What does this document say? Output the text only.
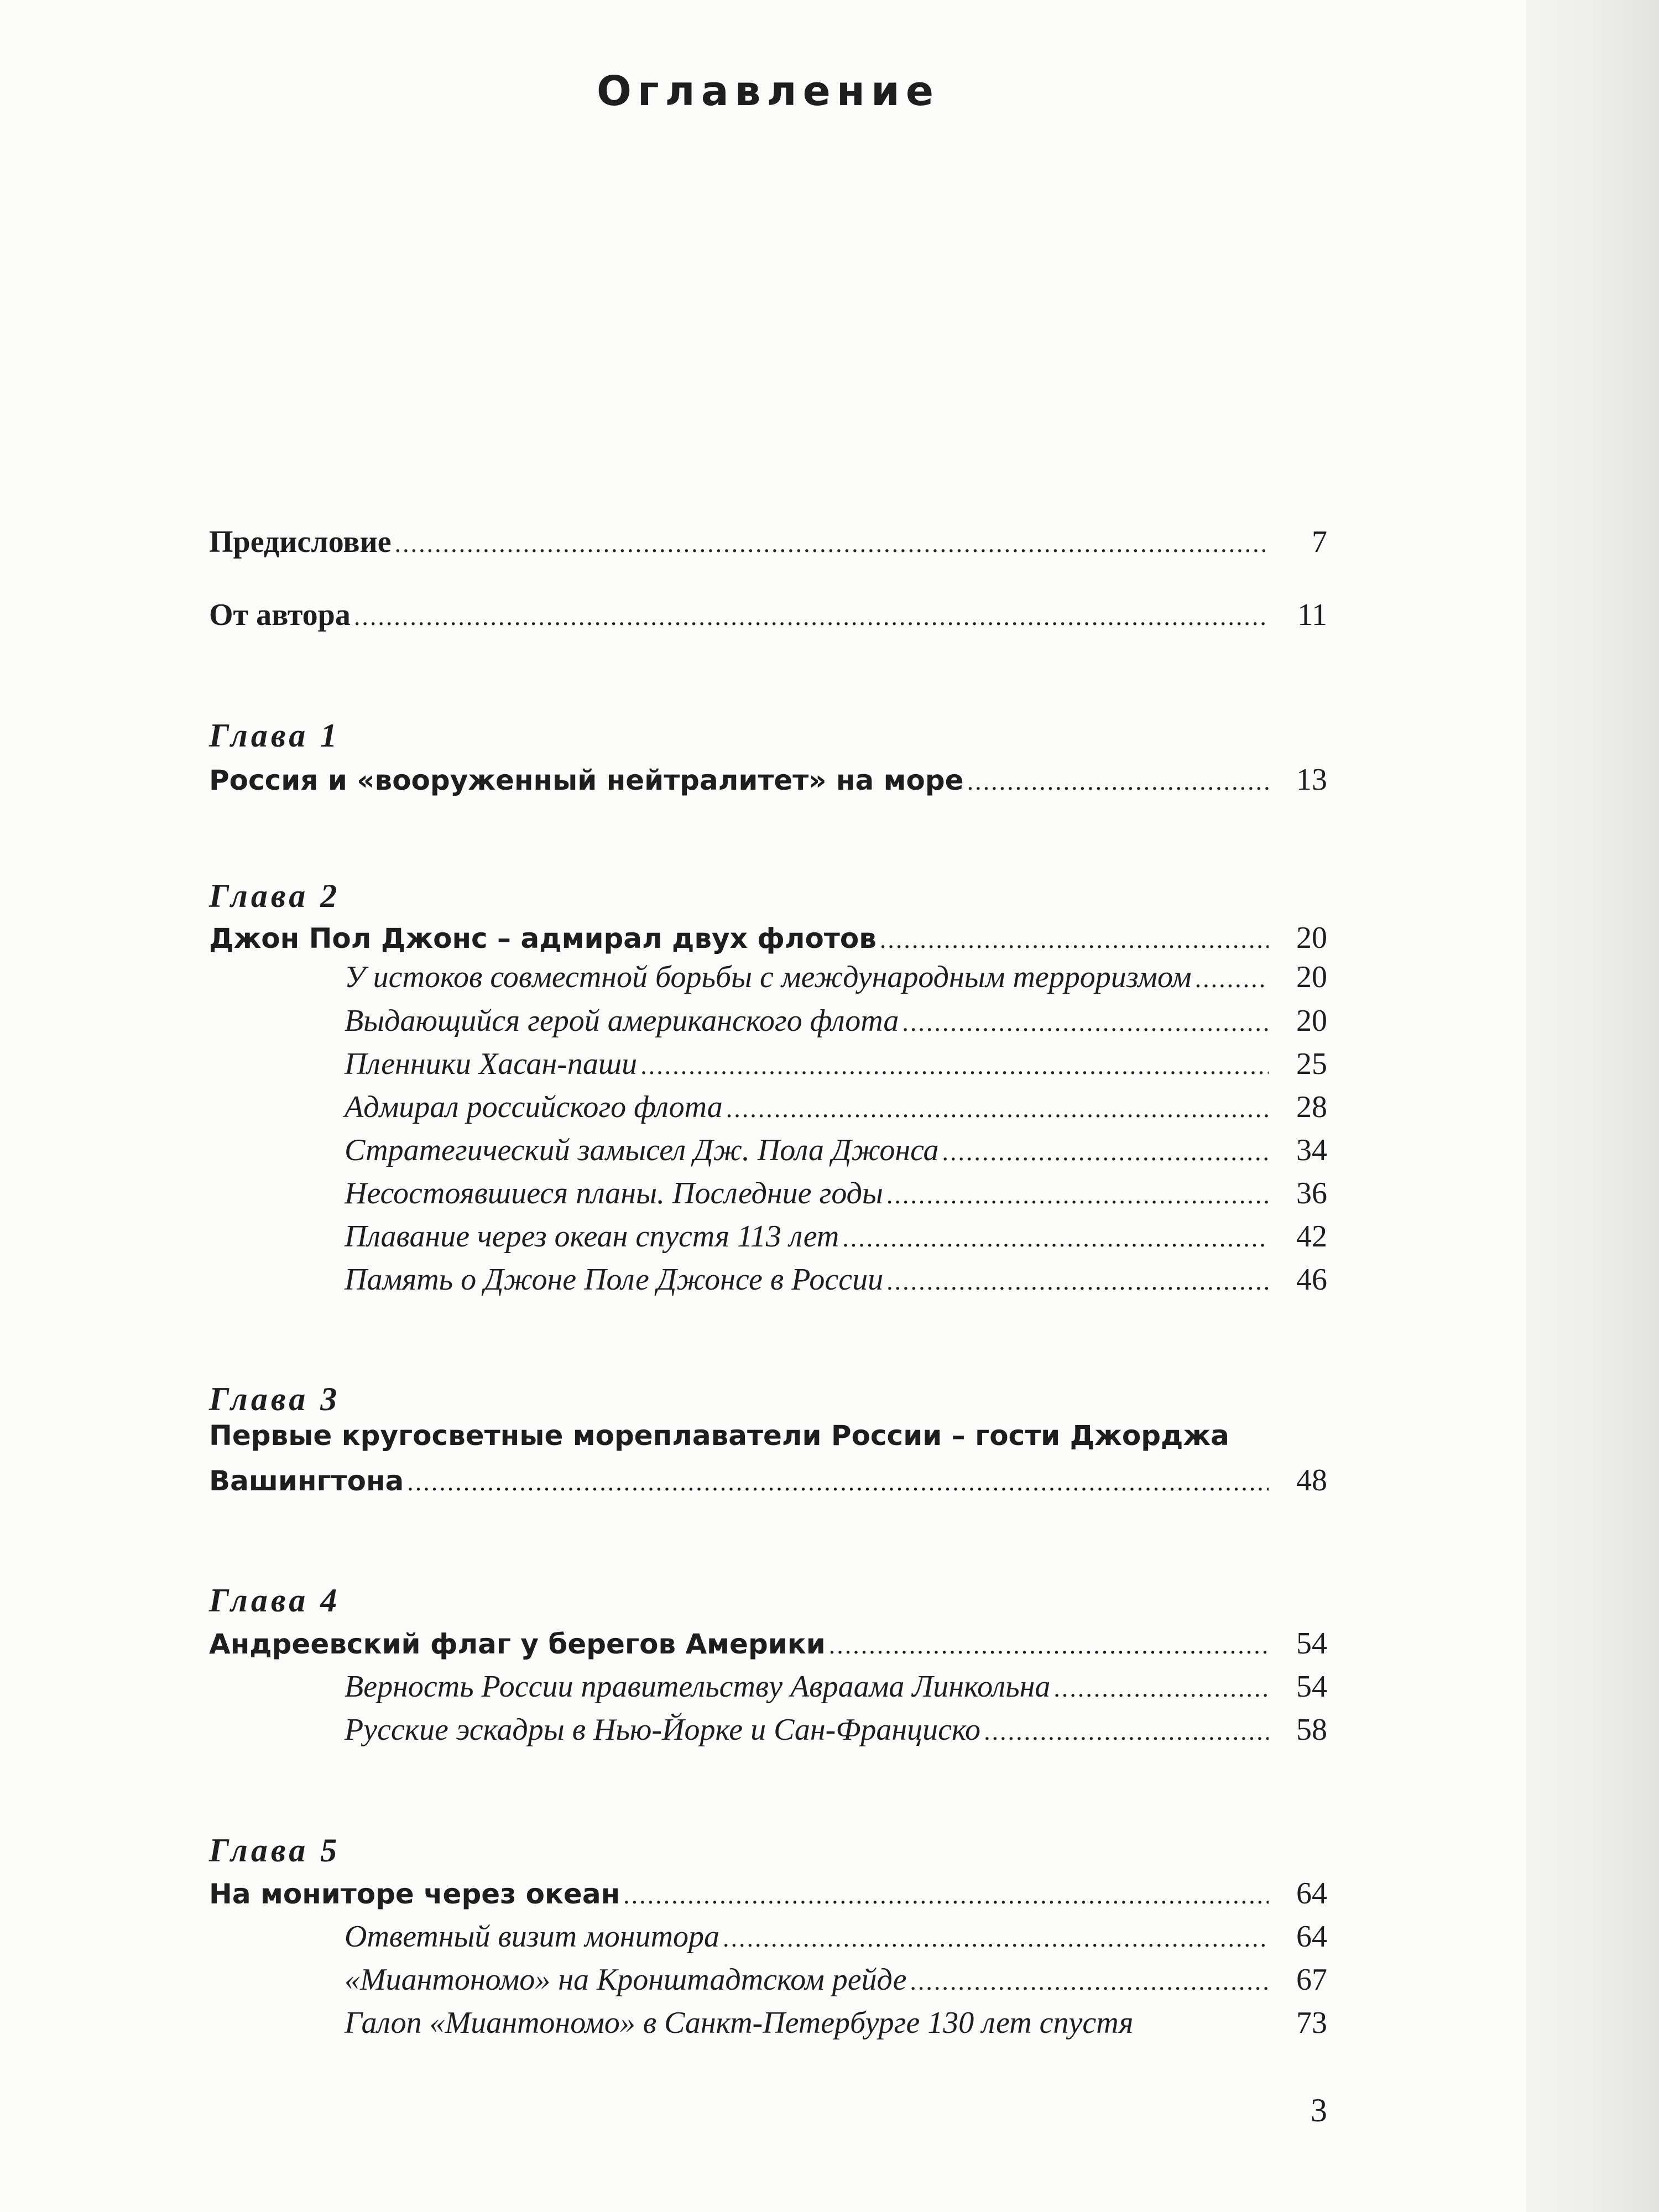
Оглавление
Предисловие .....	7
От автора .....	11
Глава 1
Россия и «вооруженный нейтралитет» на море .....	13
Глава 2
Джон Пол Джонс – адмирал двух флотов .....	20
У истоков совместной борьбы с международным терроризмом .....	20
Выдающийся герой американского флота .....	20
Пленники Хасан-паши .....	25
Адмирал российского флота .....	28
Стратегический замысел Дж. Пола Джонса .....	34
Несостоявшиеся планы. Последние годы .....	36
Плавание через океан спустя 113 лет .....	42
Память о Джоне Поле Джонсе в России .....	46
Глава 3
Первые кругосветные мореплаватели России – гости Джорджа
Вашингтона .....	48
Глава 4
Андреевский флаг у берегов Америки .....	54
Верность России правительству Авраама Линкольна .....	54
Русские эскадры в Нью-Йорке и Сан-Франциско .....	58
Глава 5
На мониторе через океан .....	64
Ответный визит монитора .....	64
«Миантономо» на Кронштадтском рейде .....	67
Галоп «Миантономо» в Санкт-Петербурге 130 лет спустя	73
3
